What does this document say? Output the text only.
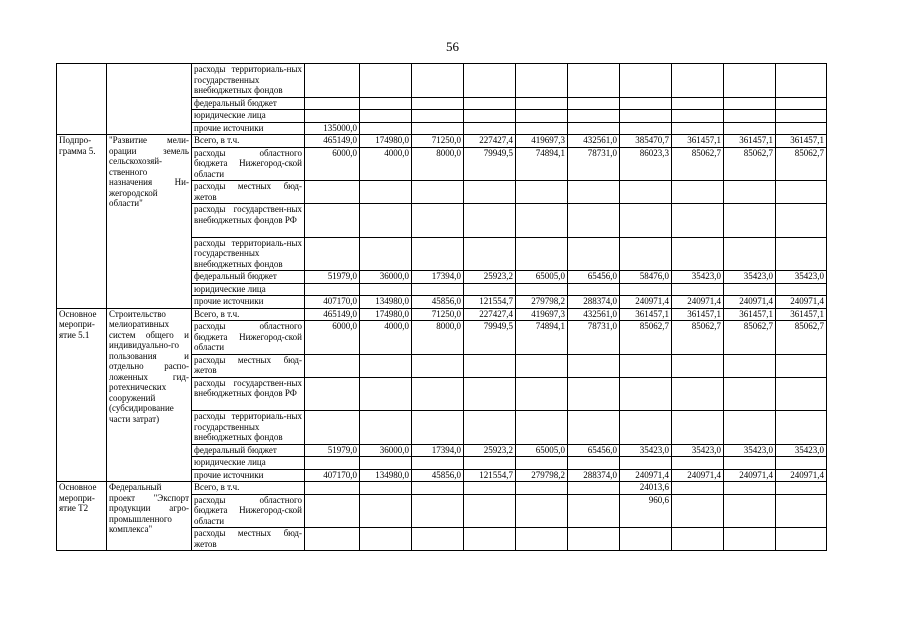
56
		расходы территориаль-ных государственных внебюджетных фондов										
		федеральный бюджет										
		юридические лица										
		прочие источники	135000,0									
Подпро-грамма 5.	"Развитие мели-орации земель сельскохозяй-ственного назначения Ни-жегородской области"	Всего, в т.ч.	465149,0	174980,0	71250,0	227427,4	419697,3	432561,0	385470,7	361457,1	361457,1	361457,1
		расходы областного бюджета Нижегород-ской области	6000,0	4000,0	8000,0	79949,5	74894,1	78731,0	86023,3	85062,7	85062,7	85062,7
		расходы местных бюд-жетов										
		расходы государствен-ных внебюджетных фондов РФ										
		расходы территориаль-ных государственных внебюджетных фондов										
		федеральный бюджет	51979,0	36000,0	17394,0	25923,2	65005,0	65456,0	58476,0	35423,0	35423,0	35423,0
		юридические лица										
		прочие источники	407170,0	134980,0	45856,0	121554,7	279798,2	288374,0	240971,4	240971,4	240971,4	240971,4
Основное меропри-ятие 5.1	Строительство мелиоративных систем общего и индивидуально-го пользования и отдельно распо-ложенных гид-ротехнических сооружений (субсидирование части затрат)	Всего, в т.ч.	465149,0	174980,0	71250,0	227427,4	419697,3	432561,0	361457,1	361457,1	361457,1	361457,1
		расходы областного бюджета Нижегород-ской области	6000,0	4000,0	8000,0	79949,5	74894,1	78731,0	85062,7	85062,7	85062,7	85062,7
		расходы местных бюд-жетов										
		расходы государствен-ных внебюджетных фондов РФ										
		расходы территориаль-ных государственных внебюджетных фондов										
		федеральный бюджет	51979,0	36000,0	17394,0	25923,2	65005,0	65456,0	35423,0	35423,0	35423,0	35423,0
		юридические лица										
		прочие источники	407170,0	134980,0	45856,0	121554,7	279798,2	288374,0	240971,4	240971,4	240971,4	240971,4
Основное меропри-ятие Т2	Федеральный проект "Экспорт продукции агро-промышленного комплекса"	Всего, в т.ч.							24013,6			
		расходы областного бюджета Нижегород-ской области							960,6			
		расходы местных бюд-жетов										
